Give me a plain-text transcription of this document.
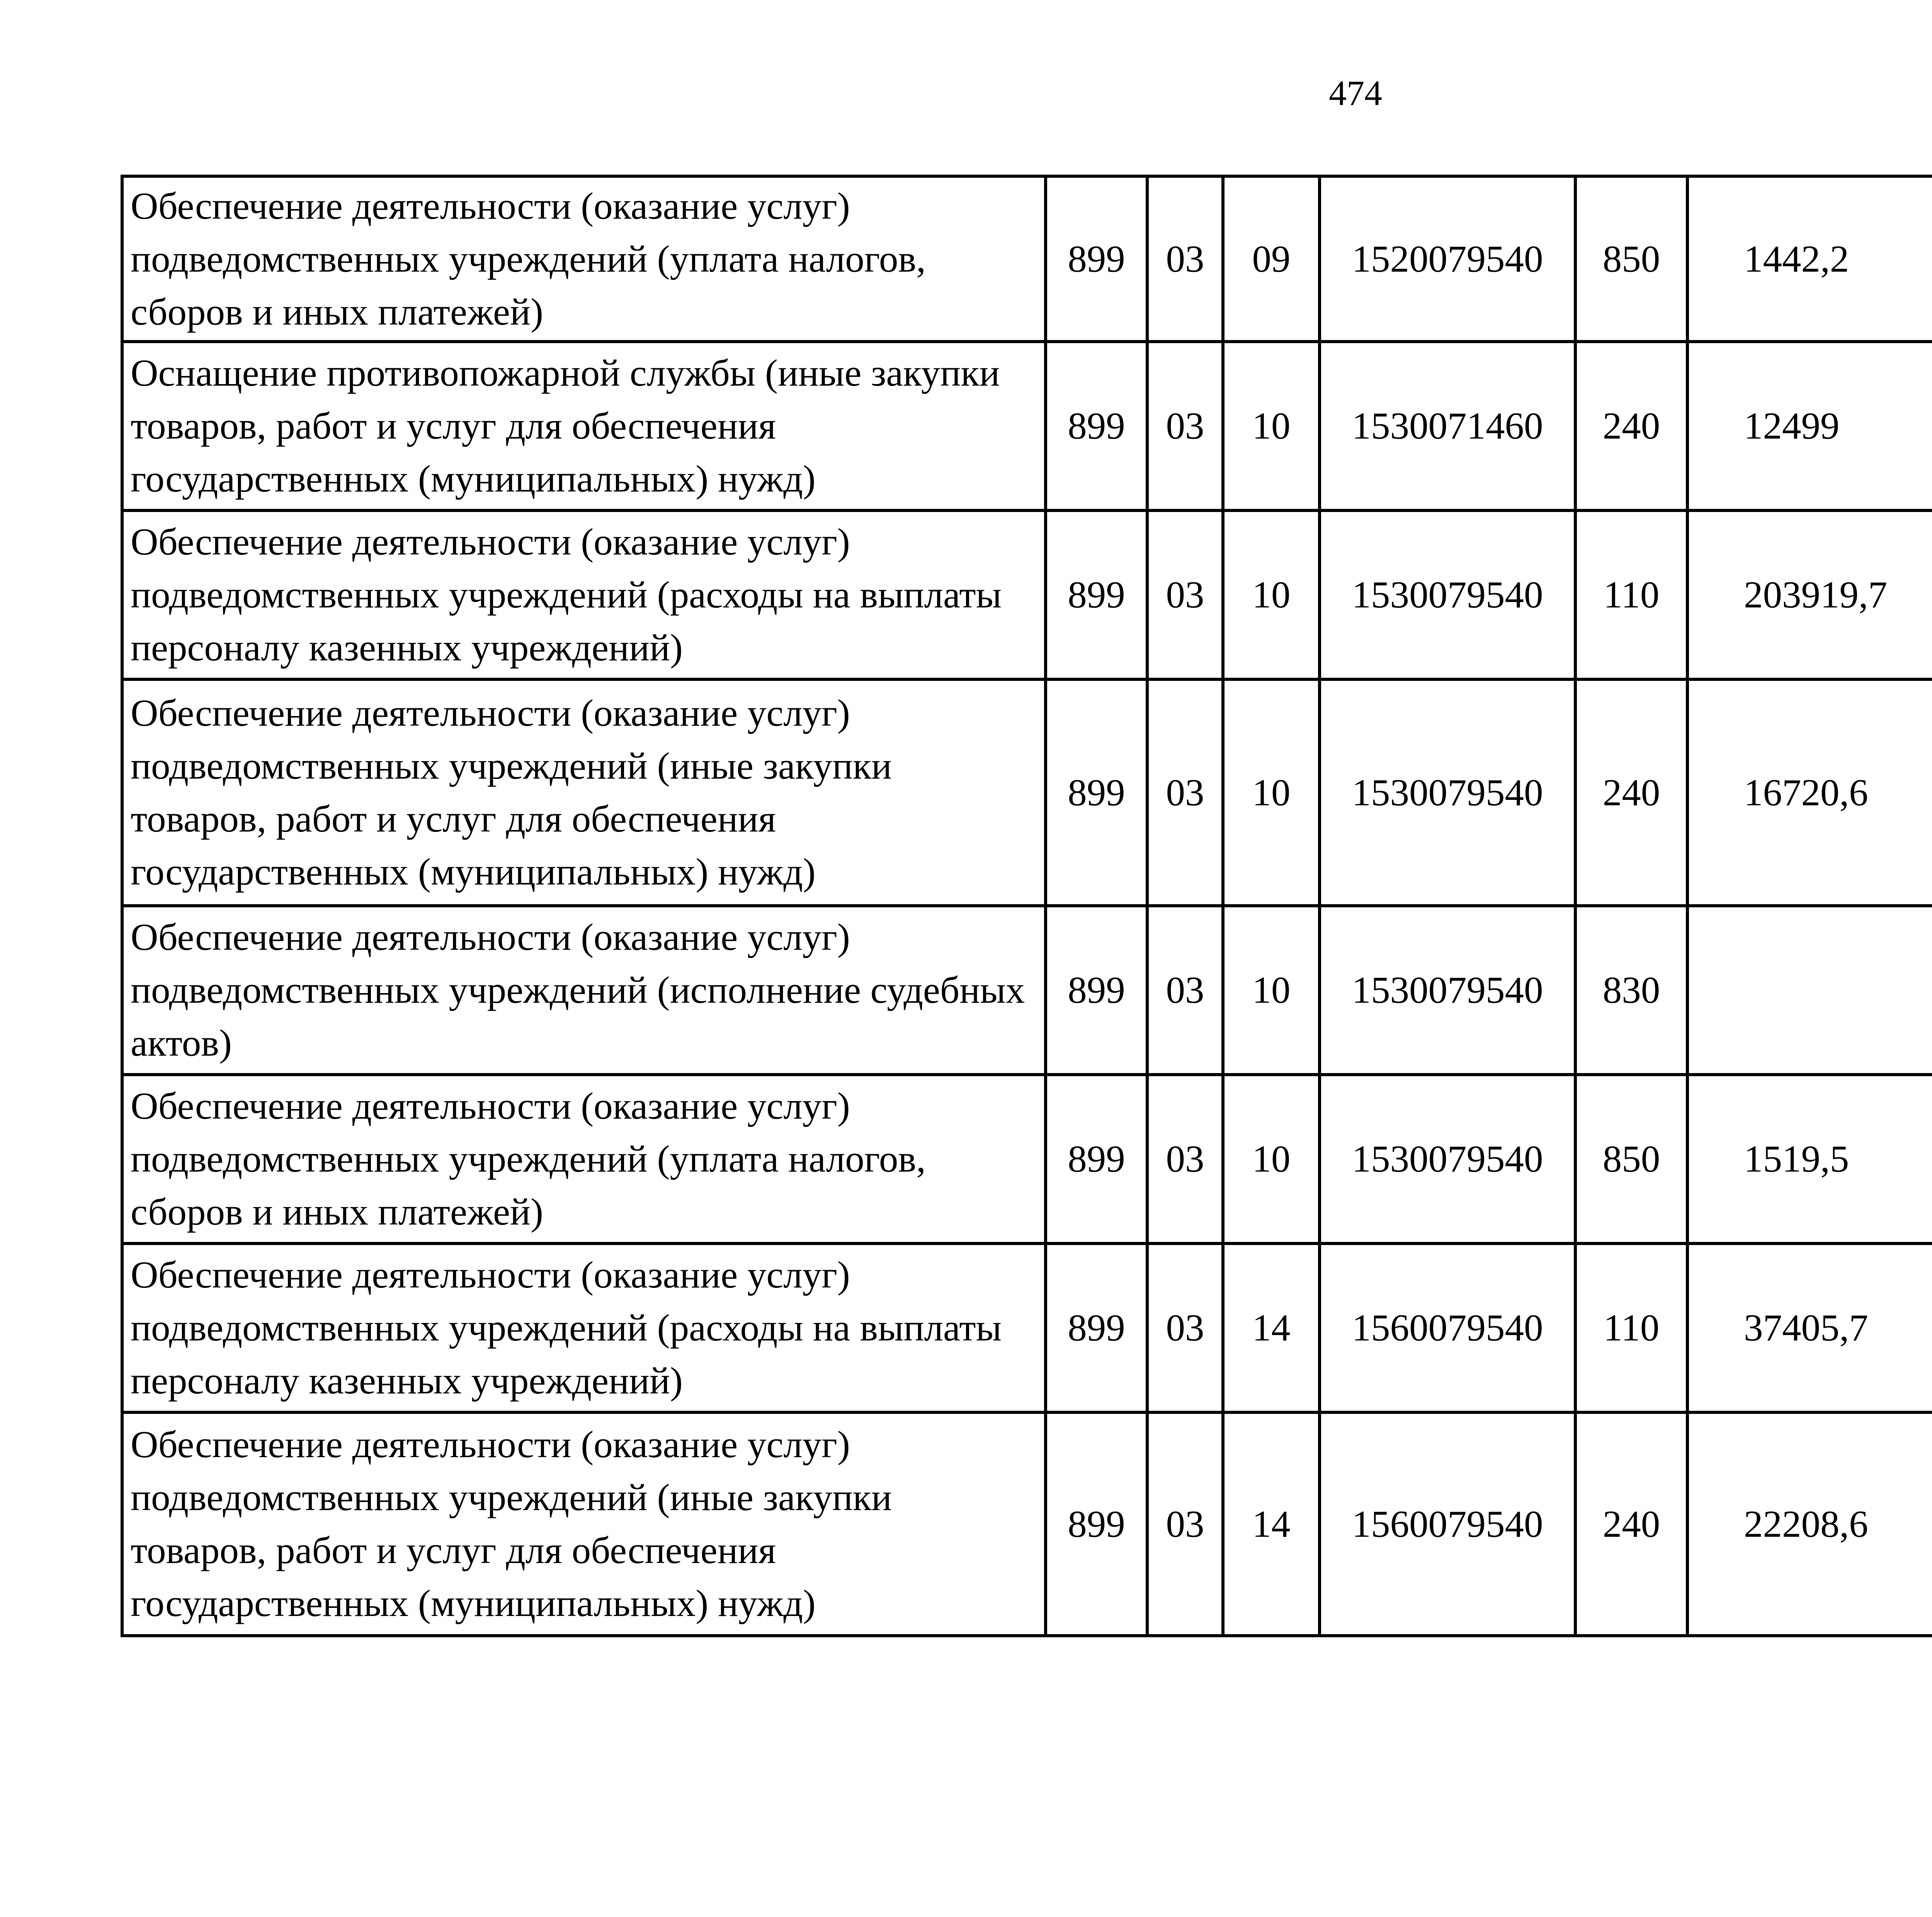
474
Обеспечение деятельности (оказание услуг) подведомственных учреждений (уплата налогов, сборов и иных платежей)	899	03	09	1520079540	850	1442,2		
Оснащение противопожарной службы (иные закупки товаров, работ и услуг для обеспечения государственных (муниципальных) нужд)	899	03	10	1530071460	240	12499		
Обеспечение деятельности (оказание услуг) подведомственных учреждений (расходы на выплаты персоналу казенных учреждений)	899	03	10	1530079540	110	203919,7		
Обеспечение деятельности (оказание услуг) подведомственных учреждений (иные закупки товаров, работ и услуг для обеспечения государственных (муниципальных) нужд)	899	03	10	1530079540	240	16720,6		
Обеспечение деятельности (оказание услуг) подведомственных учреждений (исполнение судебных актов)	899	03	10	1530079540	830			
Обеспечение деятельности (оказание услуг) подведомственных учреждений (уплата налогов, сборов и иных платежей)	899	03	10	1530079540	850	1519,5		
Обеспечение деятельности (оказание услуг) подведомственных учреждений (расходы на выплаты персоналу казенных учреждений)	899	03	14	1560079540	110	37405,7		
Обеспечение деятельности (оказание услуг) подведомственных учреждений (иные закупки товаров, работ и услуг для обеспечения государственных (муниципальных) нужд)	899	03	14	1560079540	240	22208,6		
